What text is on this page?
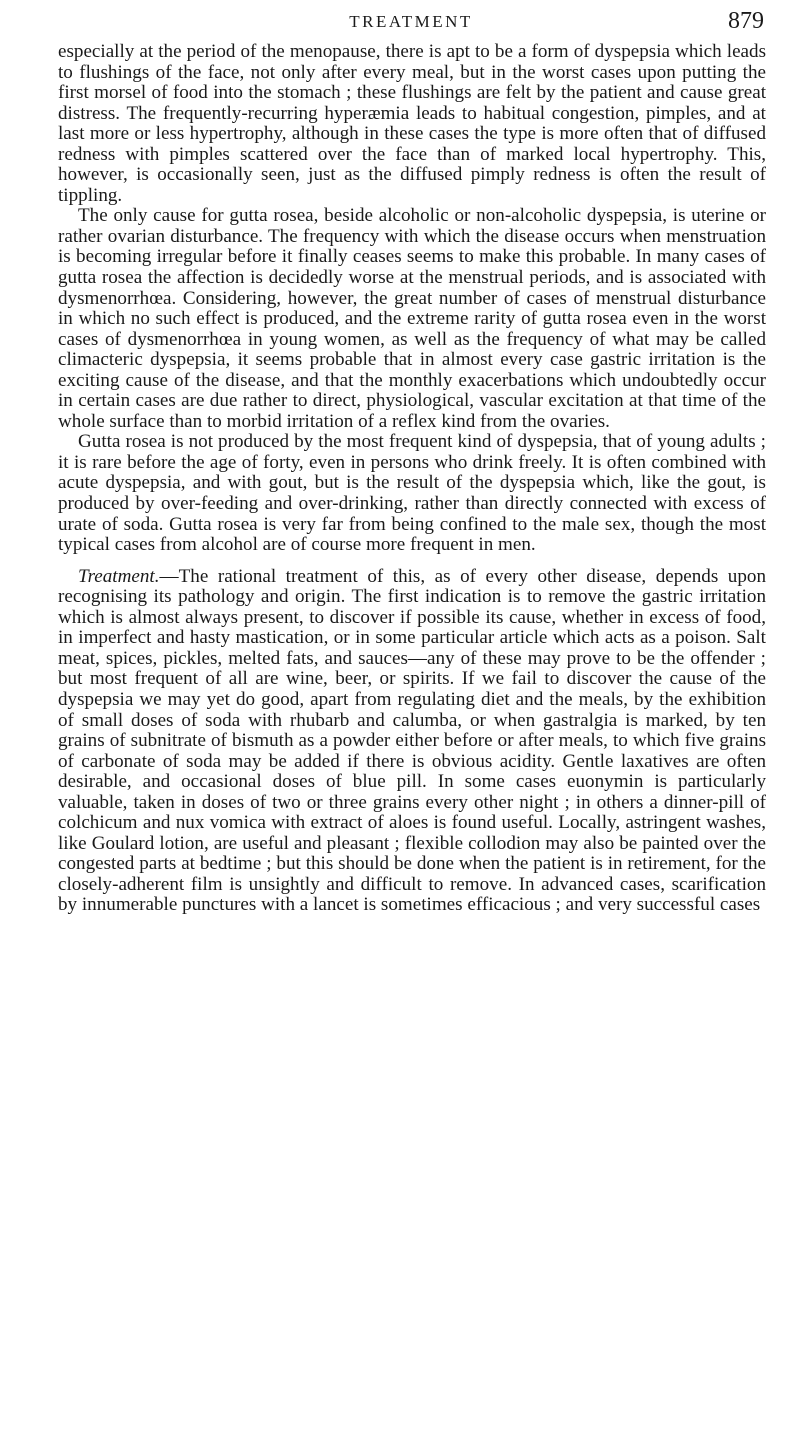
TREATMENT	879

especially at the period of the menopause, there is apt to be a form of dyspepsia which leads to flushings of the face, not only after every meal, but in the worst cases upon putting the first morsel of food into the stomach ; these flushings are felt by the patient and cause great distress. The frequently-recurring hyperæmia leads to habitual congestion, pimples, and at last more or less hypertrophy, although in these cases the type is more often that of diffused redness with pimples scattered over the face than of marked local hypertrophy. This, however, is occasionally seen, just as the diffused pimply redness is often the result of tippling.

The only cause for gutta rosea, beside alcoholic or non-alcoholic dyspepsia, is uterine or rather ovarian disturbance. The frequency with which the disease occurs when menstruation is becoming irregular before it finally ceases seems to make this probable. In many cases of gutta rosea the affection is decidedly worse at the menstrual periods, and is associated with dysmenorrhœa. Considering, however, the great number of cases of menstrual disturbance in which no such effect is produced, and the extreme rarity of gutta rosea even in the worst cases of dysmenorrhœa in young women, as well as the frequency of what may be called climacteric dyspepsia, it seems probable that in almost every case gastric irritation is the exciting cause of the disease, and that the monthly exacerbations which undoubtedly occur in certain cases are due rather to direct, physiological, vascular excitation at that time of the whole surface than to morbid irritation of a reflex kind from the ovaries.

Gutta rosea is not produced by the most frequent kind of dyspepsia, that of young adults ; it is rare before the age of forty, even in persons who drink freely. It is often combined with acute dyspepsia, and with gout, but is the result of the dyspepsia which, like the gout, is produced by over-feeding and over-drinking, rather than directly connected with excess of urate of soda. Gutta rosea is very far from being confined to the male sex, though the most typical cases from alcohol are of course more frequent in men.

Treatment.—The rational treatment of this, as of every other disease, depends upon recognising its pathology and origin. The first indication is to remove the gastric irritation which is almost always present, to discover if possible its cause, whether in excess of food, in imperfect and hasty mastication, or in some particular article which acts as a poison. Salt meat, spices, pickles, melted fats, and sauces—any of these may prove to be the offender ; but most frequent of all are wine, beer, or spirits. If we fail to discover the cause of the dyspepsia we may yet do good, apart from regulating diet and the meals, by the exhibition of small doses of soda with rhubarb and calumba, or when gastralgia is marked, by ten grains of subnitrate of bismuth as a powder either before or after meals, to which five grains of carbonate of soda may be added if there is obvious acidity. Gentle laxatives are often desirable, and occasional doses of blue pill. In some cases euonymin is particularly valuable, taken in doses of two or three grains every other night ; in others a dinner-pill of colchicum and nux vomica with extract of aloes is found useful. Locally, astringent washes, like Goulard lotion, are useful and pleasant ; flexible collodion may also be painted over the congested parts at bedtime ; but this should be done when the patient is in retirement, for the closely-adherent film is unsightly and difficult to remove. In advanced cases, scarification by innumerable punctures with a lancet is sometimes efficacious ; and very successful cases
